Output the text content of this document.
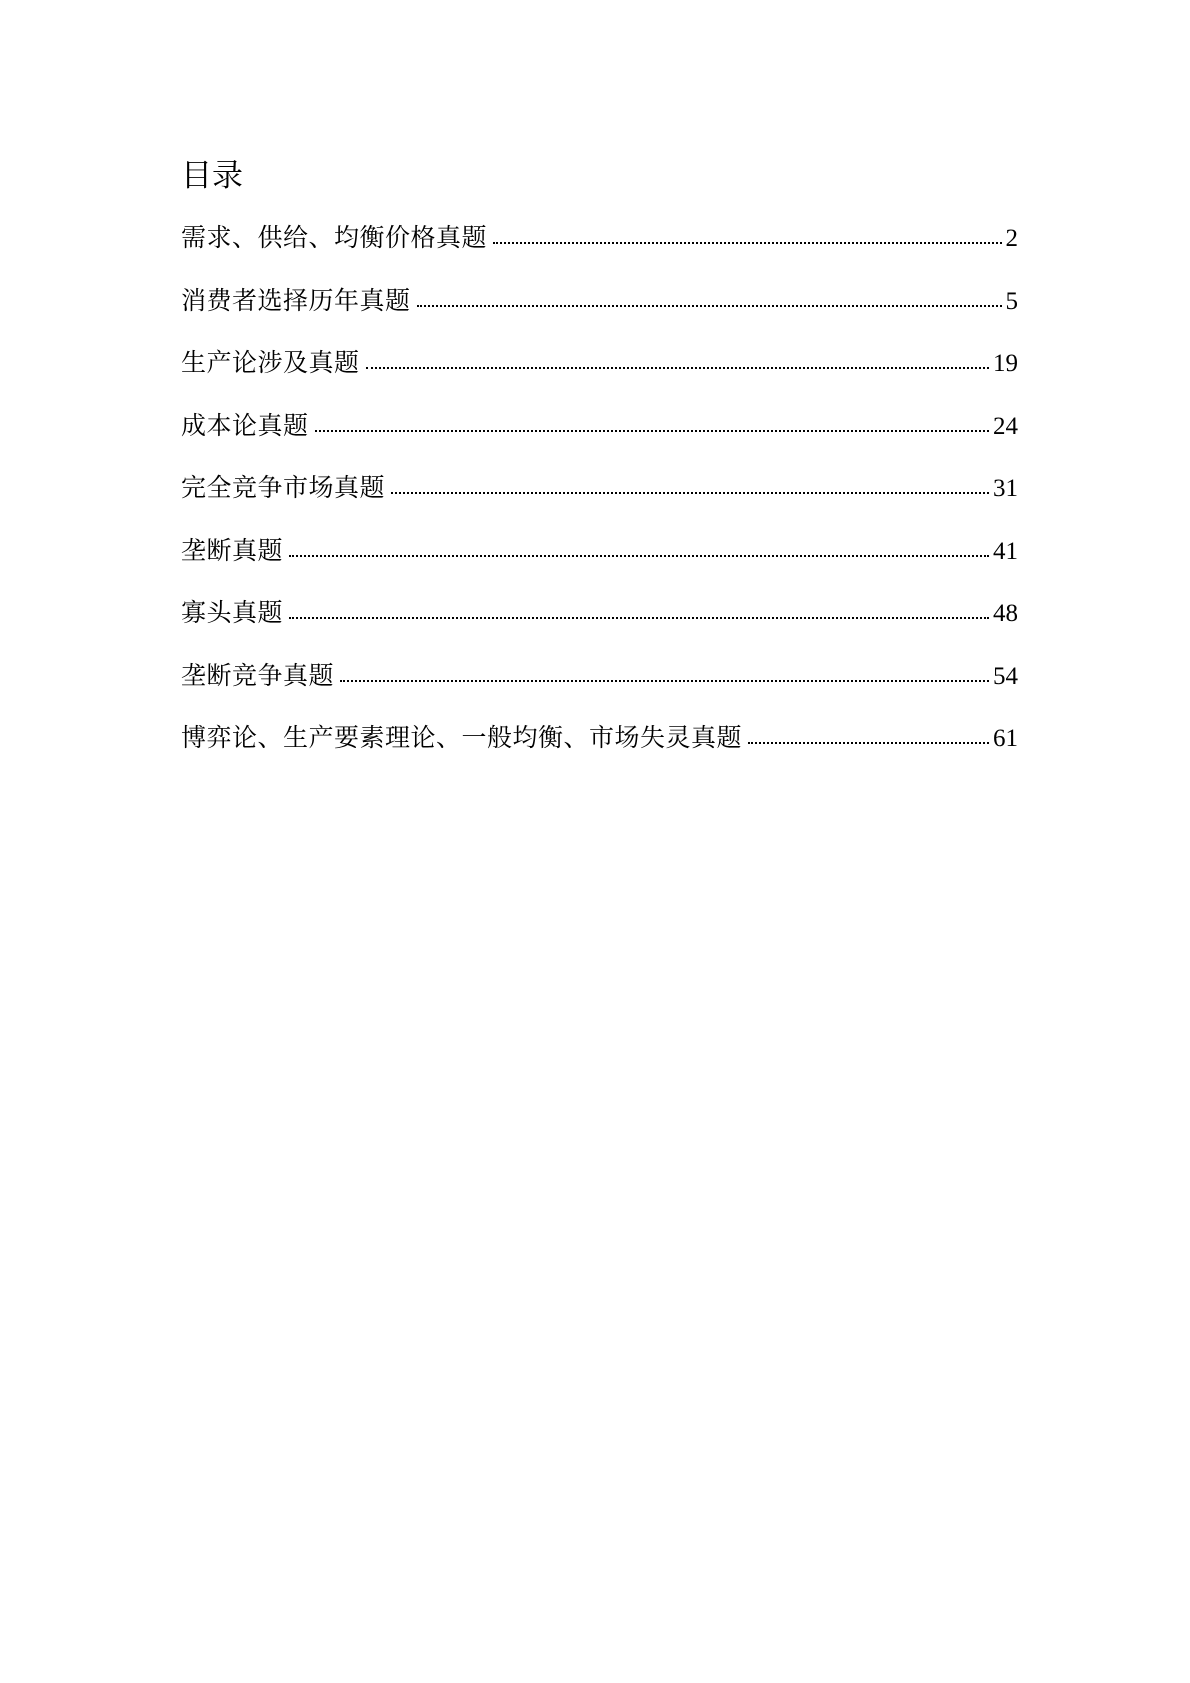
目录
需求、供给、均衡价格真题	2
消费者选择历年真题	5
生产论涉及真题	19
成本论真题	24
完全竞争市场真题	31
垄断真题	41
寡头真题	48
垄断竞争真题	54
博弈论、生产要素理论、一般均衡、市场失灵真题	61
